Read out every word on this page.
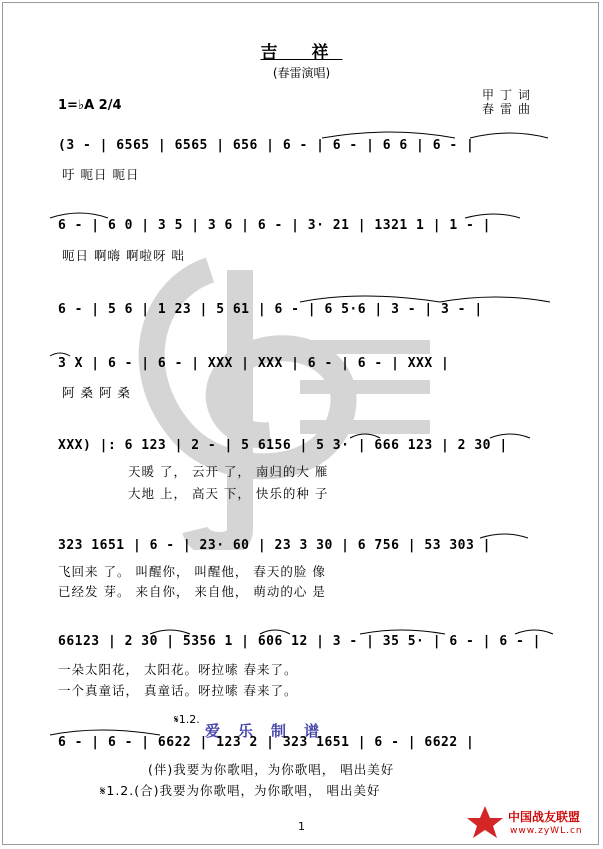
吉 祥
(春雷演唱)
甲丁词
春雷曲
1=♭A 2/4
(3 - | 6565 | 6565 | 656 | 6 - | 6 - | 6 6 | 6 - |
吁 呃日 呃日
6 - | 6 0 | 3 5 | 3 6 | 6 - | 3· 21 | 1321 1 | 1 - |
呃日 啊嗨 啊啦呀 咄
6 - | 5 6 | 1 23 | 5 61 | 6 - | 6 5·6 | 3 - | 3 - |
3 X | 6 - | 6 - | XXX | XXX | 6 - | 6 - | XXX |
阿 桑 阿 桑
XXX) |: 6 123 | 2 - | 5 6156 | 5 3· | 666 123 | 2 30 |
天暖 了， 云开 了， 南归的大 雁
大地 上， 高天 下， 快乐的种 子
323 1651 | 6 - | 23· 60 | 23 3 30 | 6 756 | 53 303 |
飞回来 了。 叫醒你， 叫醒他， 春天的脸 像
已经发 芽。 来自你， 来自他， 萌动的心 是
66123 | 2 30 | 5356 1 | 606 12 | 3 - | 35 5· | 6 - | 6 - |
一朵太阳花， 太阳花。呀拉嗦 春来了。
一个真童话， 真童话。呀拉嗦 春来了。
𝄋1.2.
爱乐制谱
6 - | 6 - | 6622 | 123 2 | 323 1651 | 6 - | 6622 |
(伴)我要为你歌唱，为你歌唱， 唱出美好
𝄋1.2.(合)我要为你歌唱，为你歌唱， 唱出美好
中国战友联盟
www.zyWL.cn
1
